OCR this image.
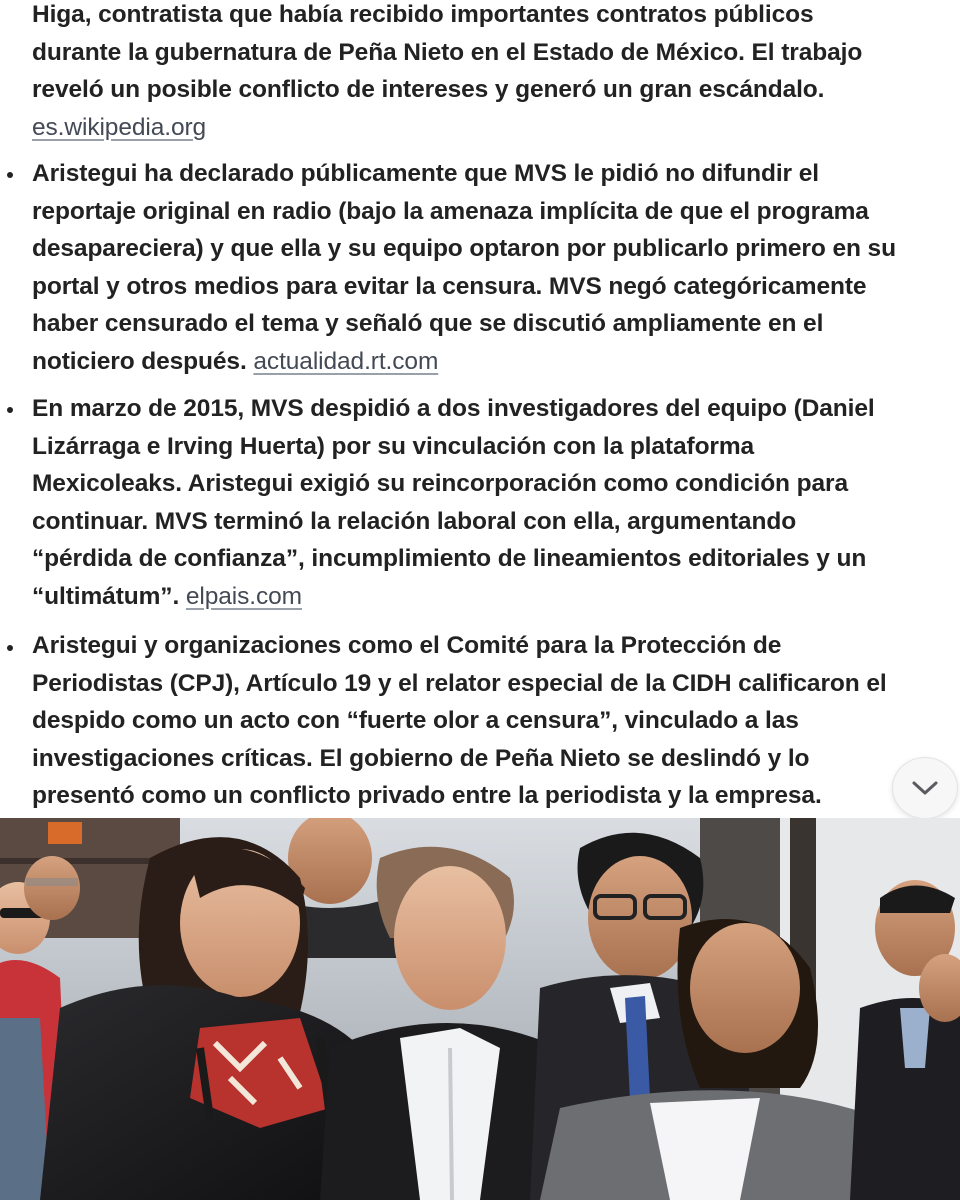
Higa, contratista que había recibido importantes contratos públicos
durante la gubernatura de Peña Nieto en el Estado de México. El trabajo
reveló un posible conflicto de intereses y generó un gran escándalo.
es.wikipedia.org

Aristegui ha declarado públicamente que MVS le pidió no difundir el
reportaje original en radio (bajo la amenaza implícita de que el programa
desapareciera) y que ella y su equipo optaron por publicarlo primero en su
portal y otros medios para evitar la censura. MVS negó categóricamente
haber censurado el tema y señaló que se discutió ampliamente en el
noticiero después. actualidad.rt.com

En marzo de 2015, MVS despidió a dos investigadores del equipo (Daniel
Lizárraga e Irving Huerta) por su vinculación con la plataforma
Mexicoleaks. Aristegui exigió su reincorporación como condición para
continuar. MVS terminó la relación laboral con ella, argumentando
“pérdida de confianza”, incumplimiento de lineamientos editoriales y un
“ultimátum”. elpais.com

Aristegui y organizaciones como el Comité para la Protección de
Periodistas (CPJ), Artículo 19 y el relator especial de la CIDH calificaron el
despido como un acto con “fuerte olor a censura”, vinculado a las
investigaciones críticas. El gobierno de Peña Nieto se deslindó y lo
presentó como un conflicto privado entre la periodista y la empresa.
